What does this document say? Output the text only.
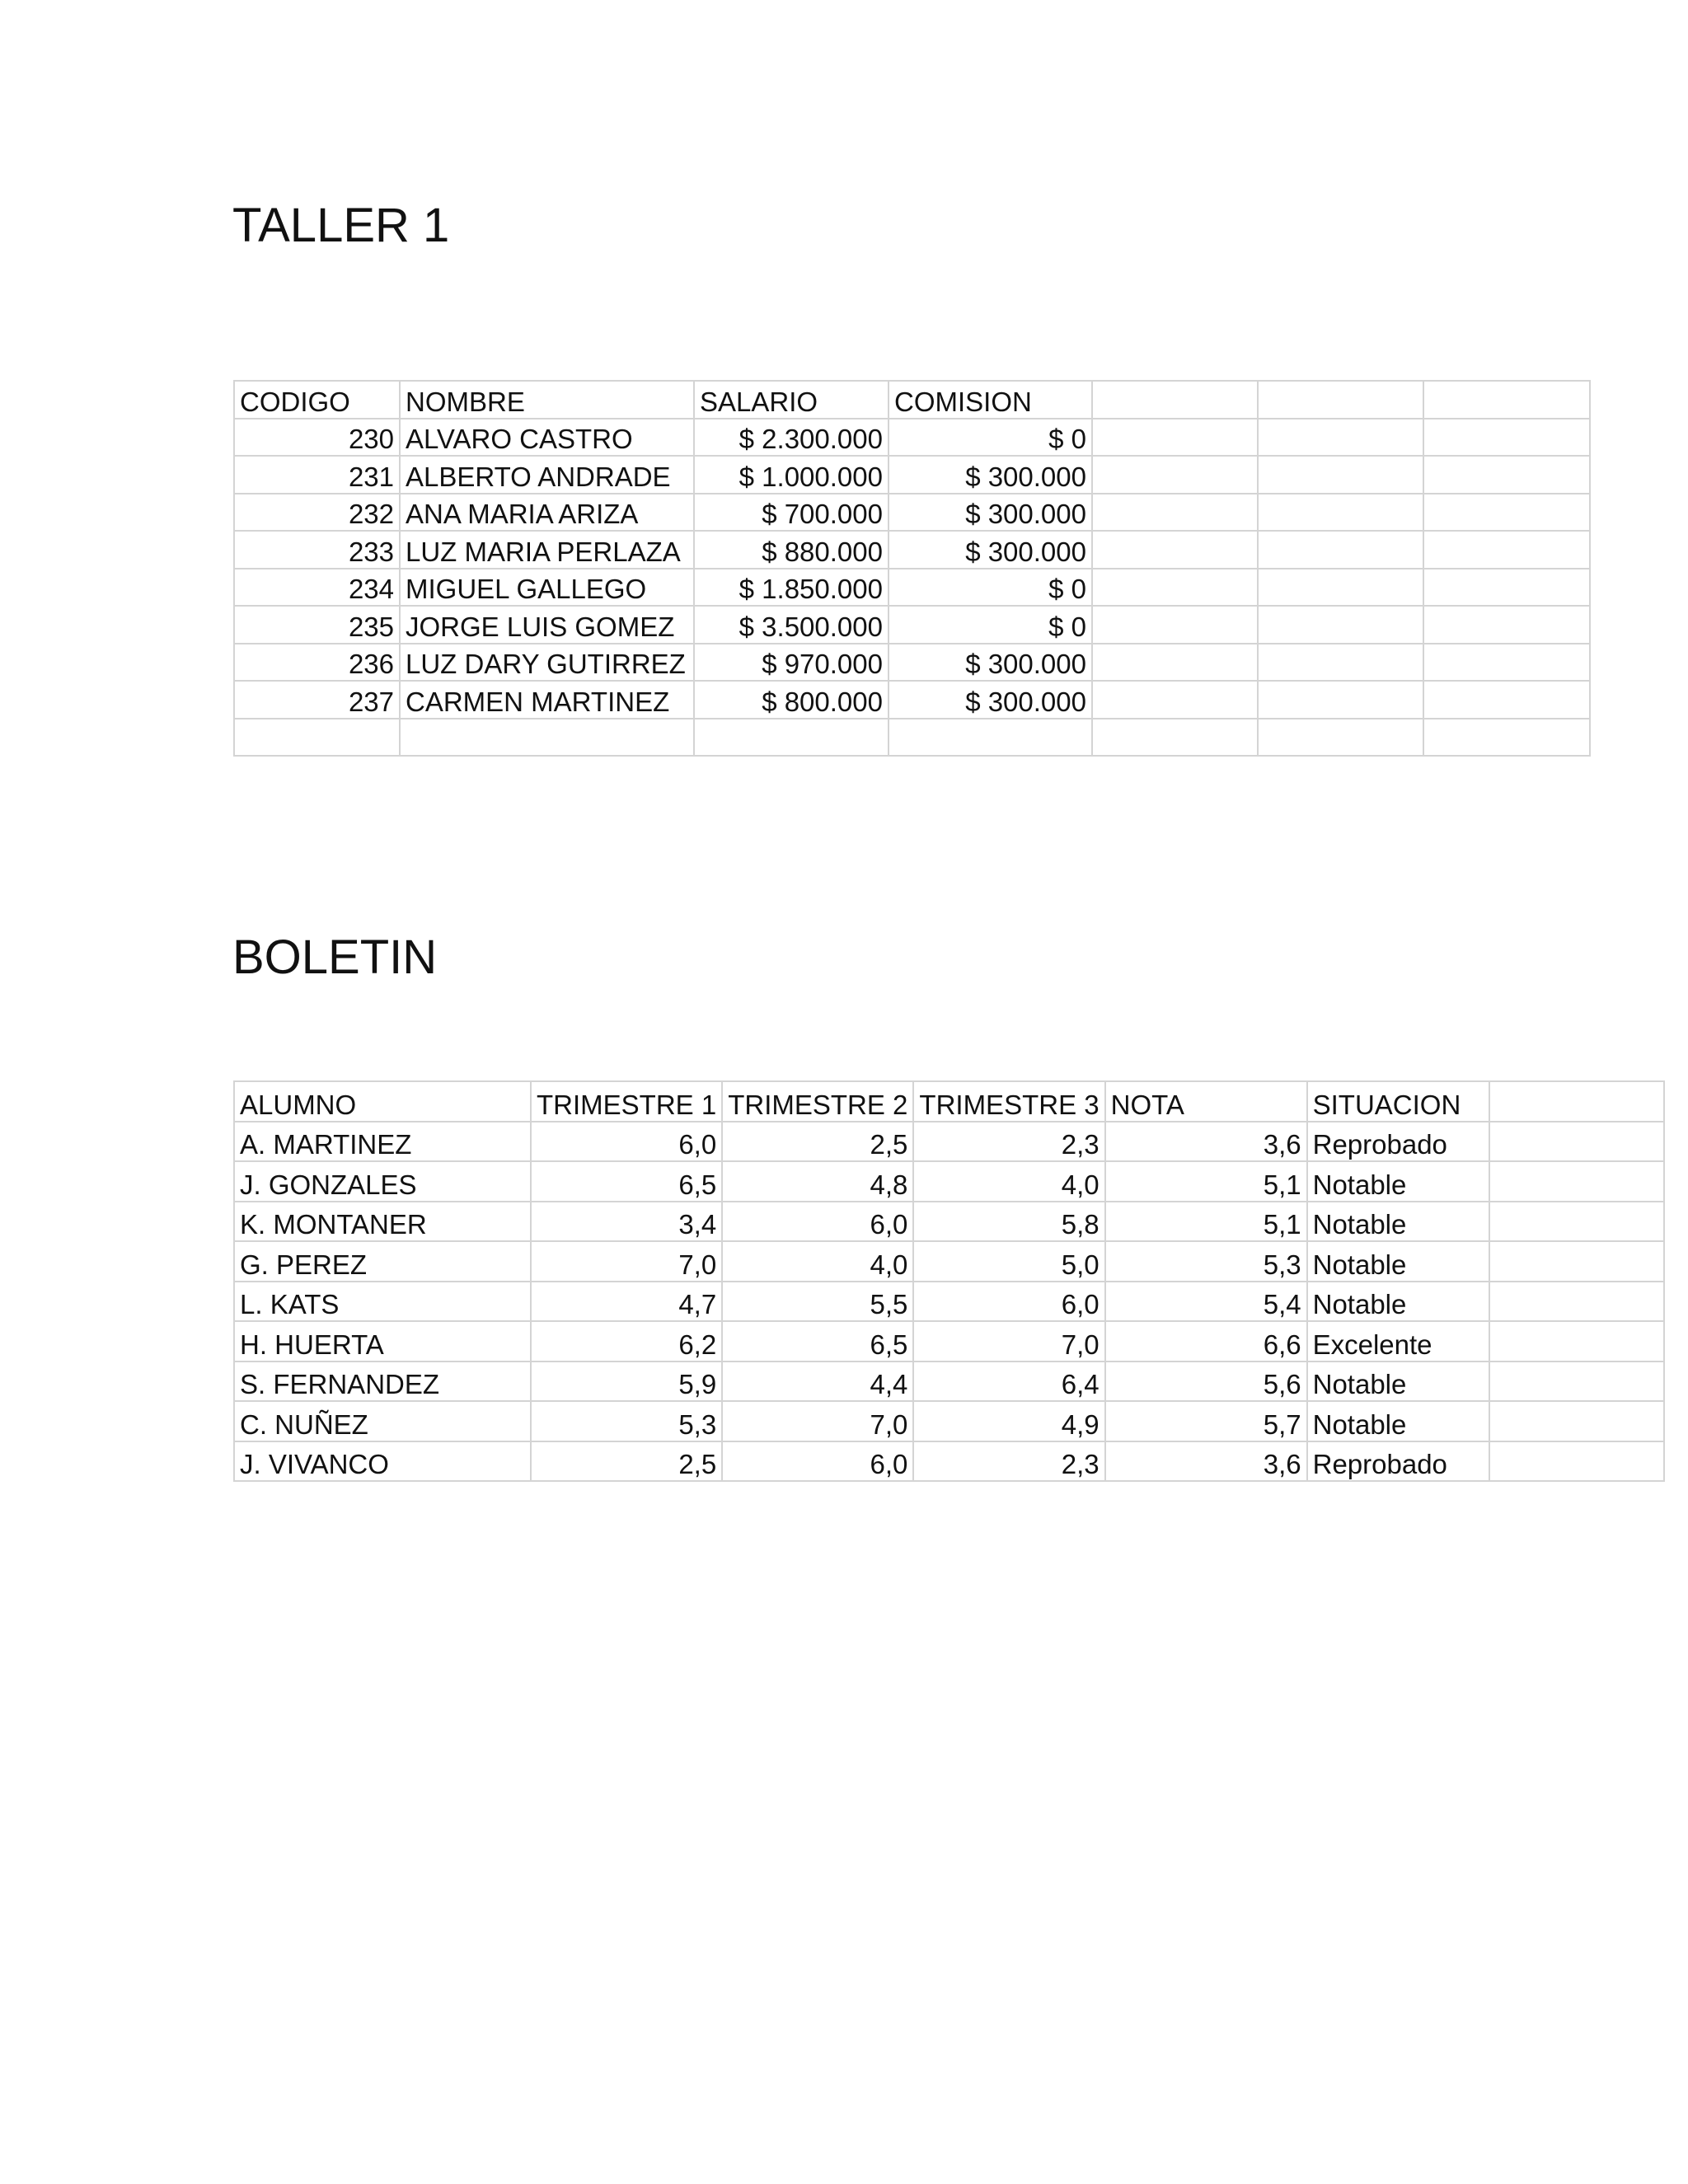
TALLER 1
CODIGO	NOMBRE	SALARIO	COMISION			
230	ALVARO CASTRO	$ 2.300.000	$ 0			
231	ALBERTO ANDRADE	$ 1.000.000	$ 300.000			
232	ANA MARIA ARIZA	$ 700.000	$ 300.000			
233	LUZ MARIA PERLAZA	$ 880.000	$ 300.000			
234	MIGUEL GALLEGO	$ 1.850.000	$ 0			
235	JORGE LUIS GOMEZ	$ 3.500.000	$ 0			
236	LUZ DARY GUTIRREZ	$ 970.000	$ 300.000			
237	CARMEN MARTINEZ	$ 800.000	$ 300.000			

BOLETIN
ALUMNO	TRIMESTRE 1	TRIMESTRE 2	TRIMESTRE 3	NOTA	SITUACION	
A. MARTINEZ	6,0	2,5	2,3	3,6	Reprobado	
J. GONZALES	6,5	4,8	4,0	5,1	Notable	
K. MONTANER	3,4	6,0	5,8	5,1	Notable	
G. PEREZ	7,0	4,0	5,0	5,3	Notable	
L. KATS	4,7	5,5	6,0	5,4	Notable	
H. HUERTA	6,2	6,5	7,0	6,6	Excelente	
S. FERNANDEZ	5,9	4,4	6,4	5,6	Notable	
C. NUÑEZ	5,3	7,0	4,9	5,7	Notable	
J. VIVANCO	2,5	6,0	2,3	3,6	Reprobado	
